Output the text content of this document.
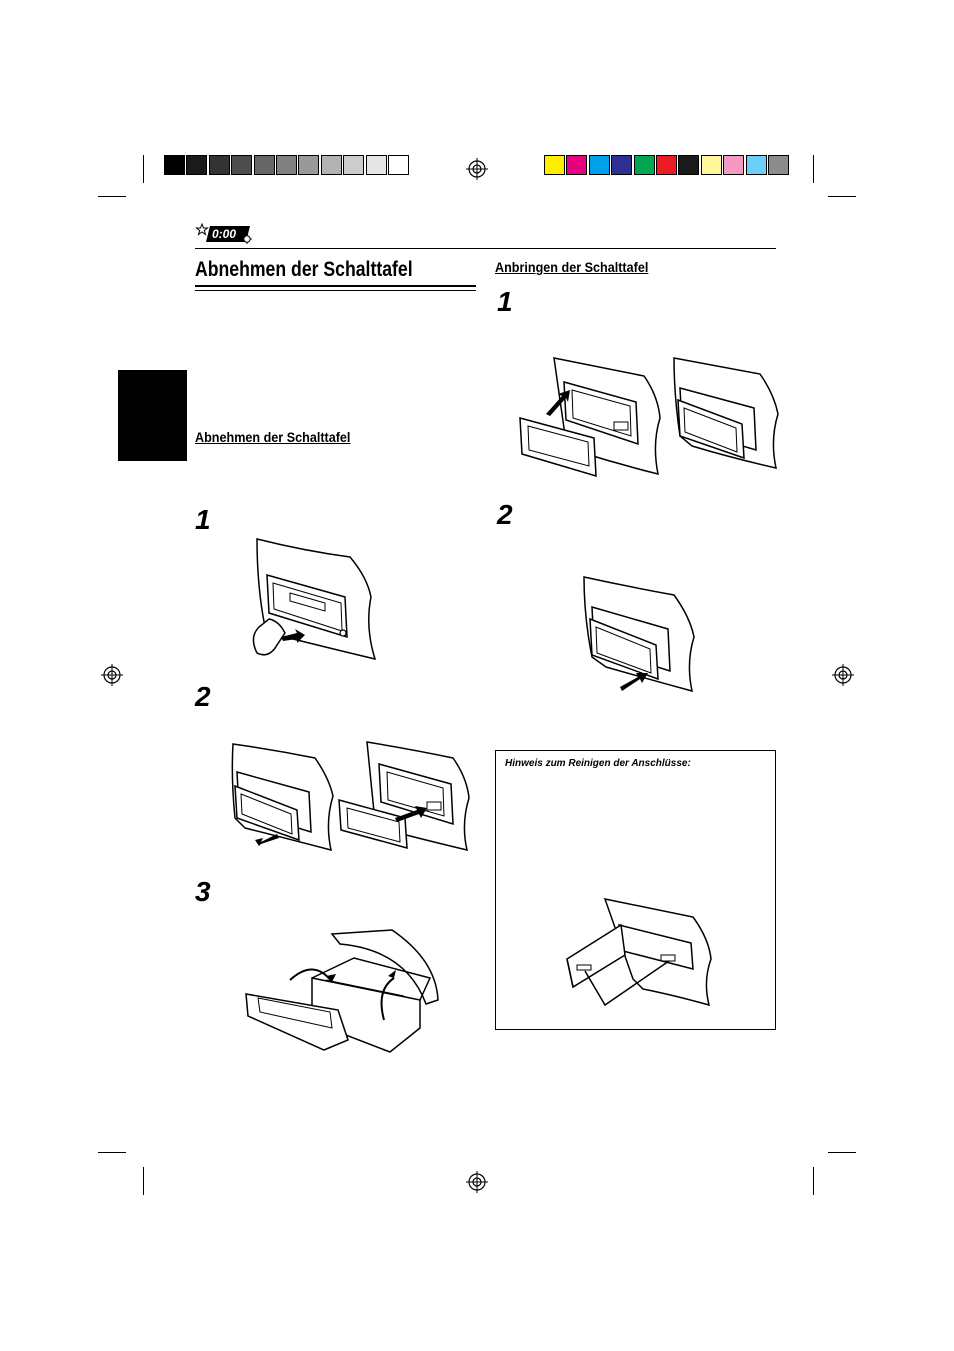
0:00
Abnehmen der Schalttafel
Abnehmen der Schalttafel
1
2
3
Anbringen der Schalttafel
1
2
Hinweis zum Reinigen der Anschlüsse:
